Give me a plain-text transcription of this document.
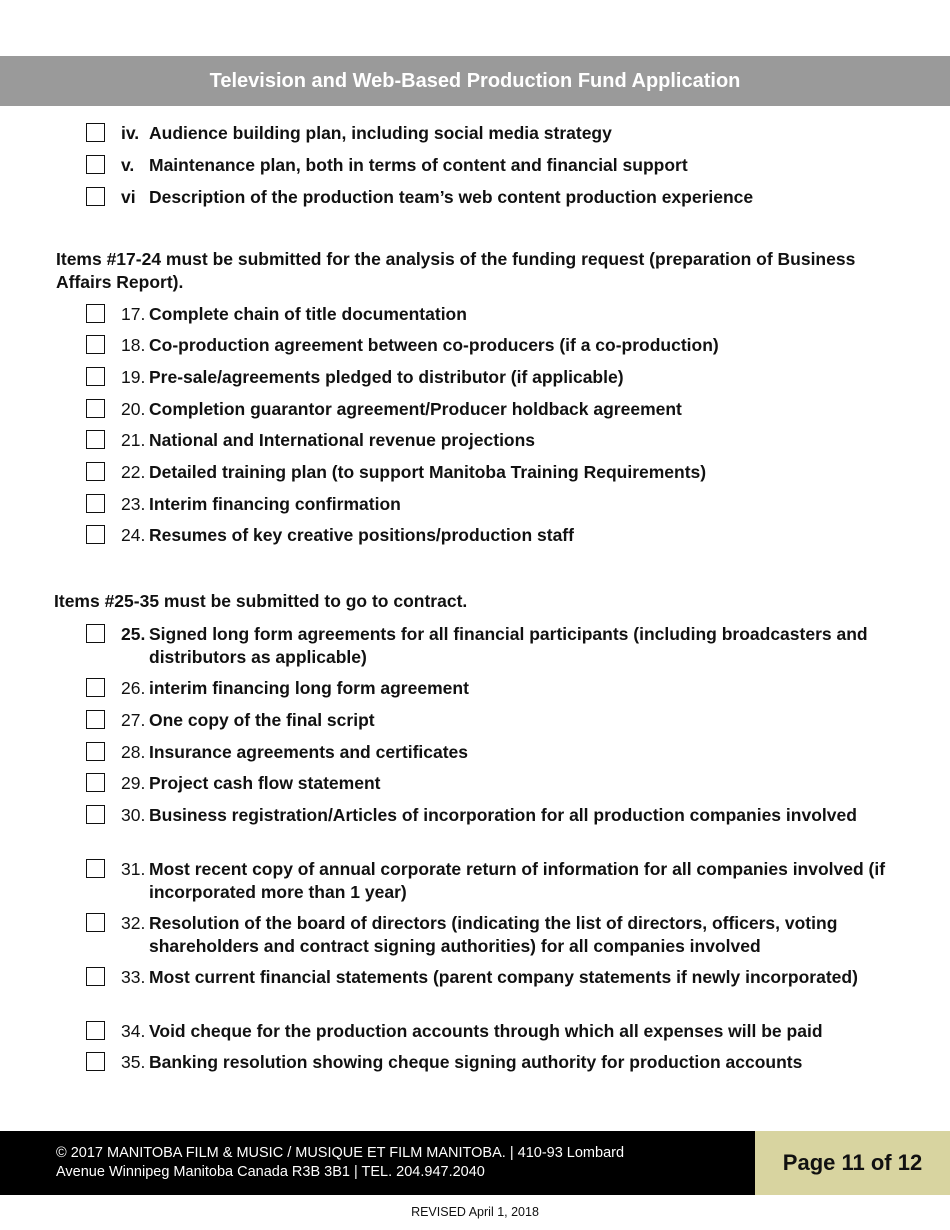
Television and Web-Based Production Fund Application
iv. Audience building plan, including social media strategy
v. Maintenance plan, both in terms of content and financial support
vi Description of the production team’s web content production experience
Items #17-24 must be submitted for the analysis of the funding request (preparation of Business Affairs Report).
17. Complete chain of title documentation
18. Co-production agreement between co-producers (if a co-production)
19. Pre-sale/agreements pledged to distributor (if applicable)
20. Completion guarantor agreement/Producer holdback agreement
21. National and International revenue projections
22. Detailed training plan (to support Manitoba Training Requirements)
23. Interim financing confirmation
24. Resumes of key creative positions/production staff
Items #25-35 must be submitted to go to contract.
25. Signed long form agreements for all financial participants (including broadcasters and distributors as applicable)
26. interim financing long form agreement
27. One copy of the final script
28. Insurance agreements and certificates
29. Project cash flow statement
30. Business registration/Articles of incorporation for all production companies involved
31. Most recent copy of annual corporate return of information for all companies involved (if incorporated more than 1 year)
32. Resolution of the board of directors (indicating the list of directors, officers, voting shareholders and contract signing authorities) for all companies involved
33. Most current financial statements (parent company statements if newly incorporated)
34. Void cheque for the production accounts through which all expenses will be paid
35. Banking resolution showing cheque signing authority for production accounts
© 2017 MANITOBA FILM & MUSIC / MUSIQUE ET FILM MANITOBA. | 410-93 Lombard
Avenue Winnipeg Manitoba Canada R3B 3B1 | TEL. 204.947.2040	Page 11 of 12
REVISED April 1, 2018
